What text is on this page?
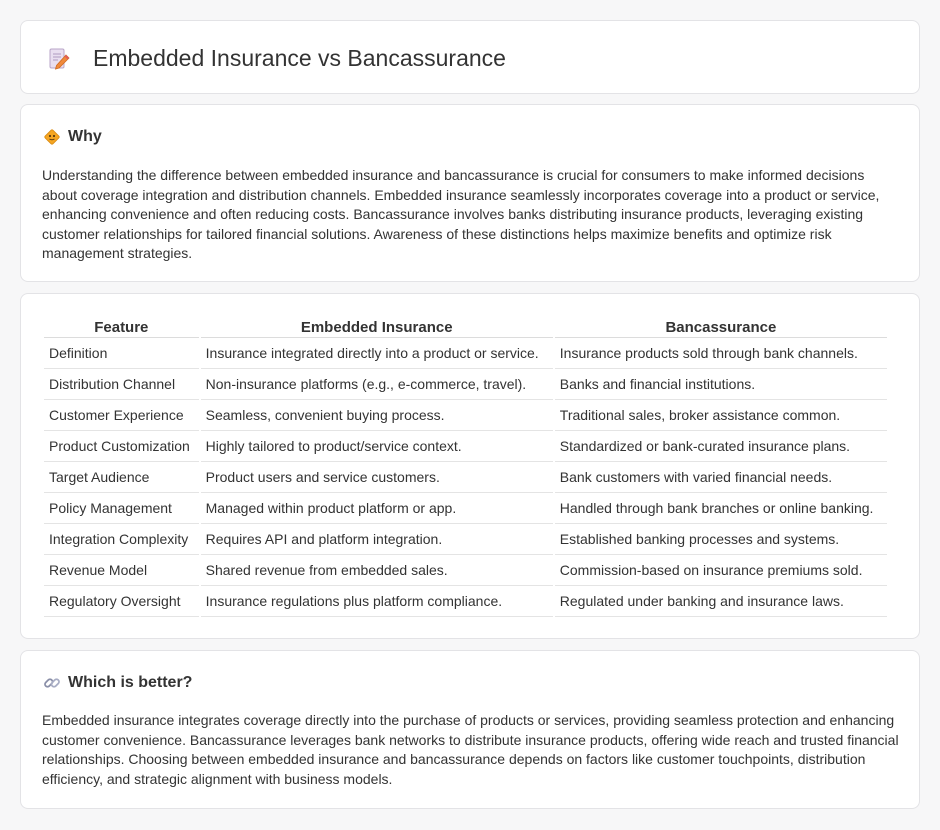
Embedded Insurance vs Bancassurance
Why

Understanding the difference between embedded insurance and bancassurance is crucial for consumers to make informed decisions about coverage integration and distribution channels. Embedded insurance seamlessly incorporates coverage into a product or service, enhancing convenience and often reducing costs. Bancassurance involves banks distributing insurance products, leveraging existing customer relationships for tailored financial solutions. Awareness of these distinctions helps maximize benefits and optimize risk management strategies.

Feature	Embedded Insurance	Bancassurance
Definition	Insurance integrated directly into a product or service.	Insurance products sold through bank channels.
Distribution Channel	Non-insurance platforms (e.g., e-commerce, travel).	Banks and financial institutions.
Customer Experience	Seamless, convenient buying process.	Traditional sales, broker assistance common.
Product Customization	Highly tailored to product/service context.	Standardized or bank-curated insurance plans.
Target Audience	Product users and service customers.	Bank customers with varied financial needs.
Policy Management	Managed within product platform or app.	Handled through bank branches or online banking.
Integration Complexity	Requires API and platform integration.	Established banking processes and systems.
Revenue Model	Shared revenue from embedded sales.	Commission-based on insurance premiums sold.
Regulatory Oversight	Insurance regulations plus platform compliance.	Regulated under banking and insurance laws.
Which is better?

Embedded insurance integrates coverage directly into the purchase of products or services, providing seamless protection and enhancing customer convenience. Bancassurance leverages bank networks to distribute insurance products, offering wide reach and trusted financial relationships. Choosing between embedded insurance and bancassurance depends on factors like customer touchpoints, distribution efficiency, and strategic alignment with business models.
